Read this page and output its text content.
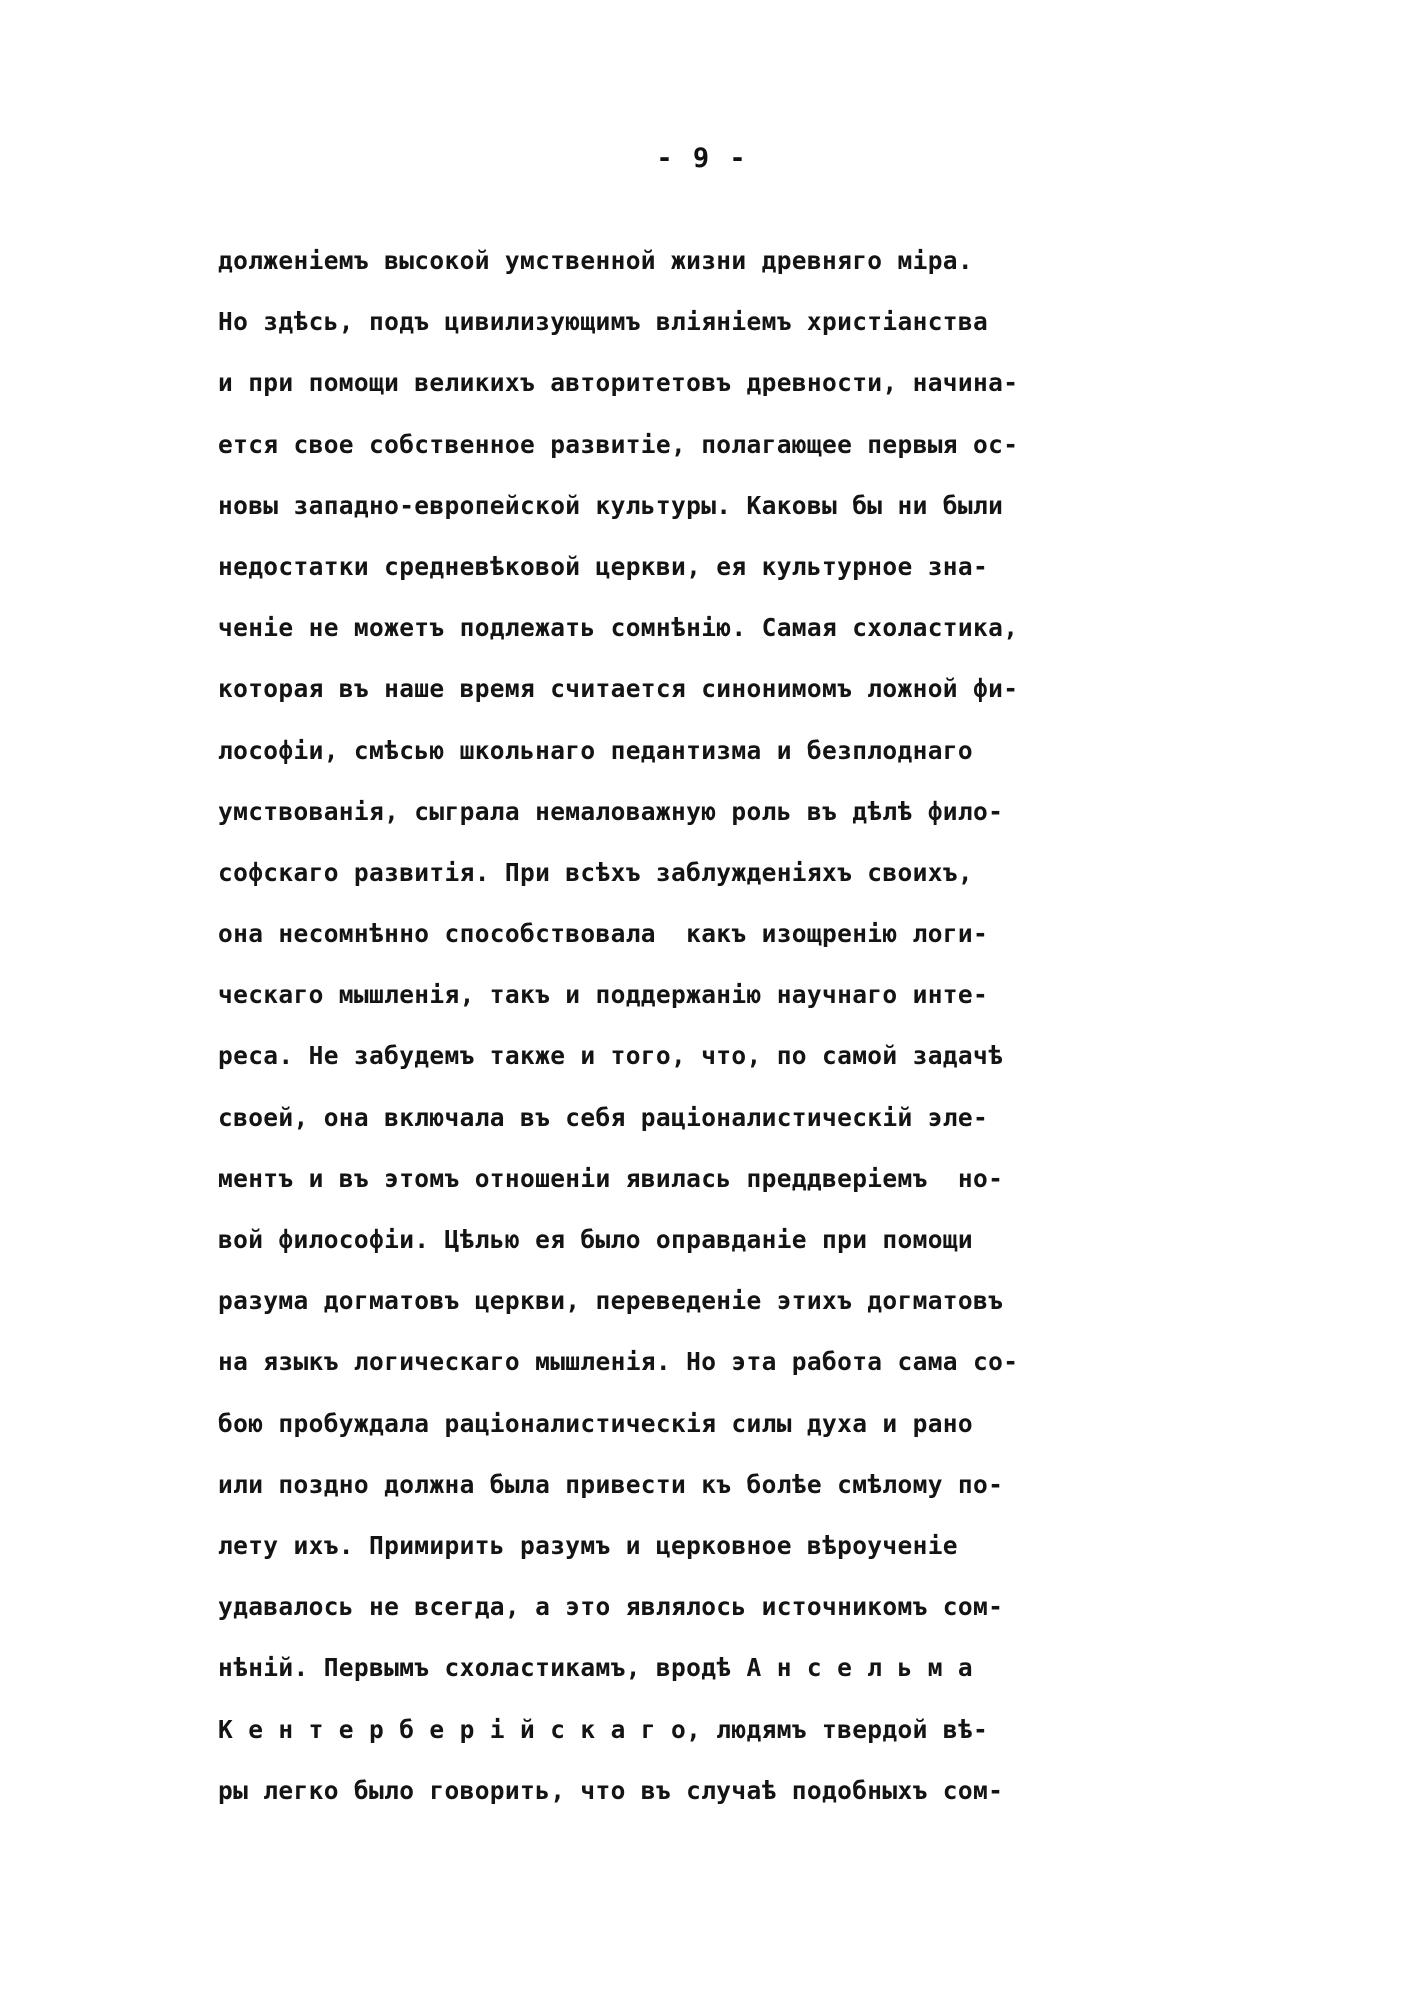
- 9 -
долженіемъ высокой умственной жизни древняго міра.
Но здѣсь, подъ цивилизующимъ вліяніемъ христіанства
и при помощи великихъ авторитетовъ древности, начина-
ется свое собственное развитіе, полагающее первыя ос-
новы западно-европейской культуры. Каковы бы ни были
недостатки средневѣковой церкви, ея культурное зна-
ченіе не можетъ подлежать сомнѣнію. Самая схоластика,
которая въ наше время считается синонимомъ ложной фи-
лософіи, смѣсью школьнаго педантизма и безплоднаго
умствованія, сыграла немаловажную роль въ дѣлѣ фило-
софскаго развитія. При всѣхъ заблужденіяхъ своихъ,
она несомнѣнно способствовала  какъ изощренію логи-
ческаго мышленія, такъ и поддержанію научнаго инте-
реса. Не забудемъ также и того, что, по самой задачѣ
своей, она включала въ себя раціоналистическій эле-
ментъ и въ этомъ отношеніи явилась преддверіемъ  но-
вой философіи. Цѣлью ея было оправданіе при помощи
разума догматовъ церкви, переведеніе этихъ догматовъ
на языкъ логическаго мышленія. Но эта работа сама со-
бою пробуждала раціоналистическія силы духа и рано
или поздно должна была привести къ болѣе смѣлому по-
лету ихъ. Примирить разумъ и церковное вѣроученіе
удавалось не всегда, а это являлось источникомъ сом-
нѣній. Первымъ схоластикамъ, вродѣ А н с е л ь м а
К е н т е р б е р і й с к а г о, людямъ твердой вѣ-
ры легко было говорить, что въ случаѣ подобныхъ сом-
